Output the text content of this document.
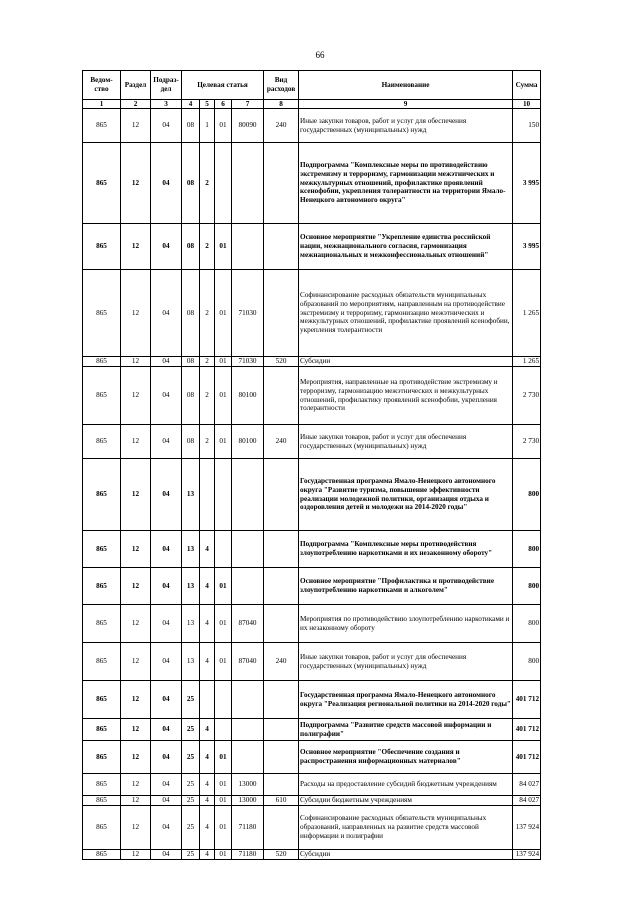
66
Ведом-ство	Раздел	Подраз-дел	Целевая статья				Вид расходов	Наименование	Сумма
1	2	3	4	5	6	7	8	9	10
865	12	04	08	1	01	80090	240	Иные закупки товаров, работ и услуг для обеспечения государственных (муниципальных) нужд	150
865	12	04	08	2				Подпрограмма "Комплексные меры по противодействию экстремизму и терроризму, гармонизации межэтнических и межкультурных отношений, профилактике проявлений ксенофобии, укрепления толерантности на территории Ямало-Ненецкого автономного округа"	3 995
865	12	04	08	2	01			Основное мероприятие "Укрепление единства российской нации, межнационального согласия, гармонизация межнациональных и межконфессиональных отношений"	3 995
865	12	04	08	2	01	71030		Софинансирование расходных обязательств муниципальных образований по мероприятиям, направленным на противодействие экстремизму и терроризму, гармонизацию межэтнических и межкультурных отношений, профилактике проявлений ксенофобии, укрепления толерантности	1 265
865	12	04	08	2	01	71030	520	Субсидии	1 265
865	12	04	08	2	01	80100		Мероприятия, направленные на противодействие экстремизму и терроризму, гармонизацию межэтнических и межкультурных отношений, профилактику проявлений ксенофобии, укрепления толерантности	2 730
865	12	04	08	2	01	80100	240	Иные закупки товаров, работ и услуг для обеспечения государственных (муниципальных) нужд	2 730
865	12	04	13					Государственная программа Ямало-Ненецкого автономного округа "Развитие туризма, повышение эффективности реализации молодежной политики, организация отдыха и оздоровления детей и молодежи на 2014-2020 годы"	800
865	12	04	13	4				Подпрограмма "Комплексные меры противодействия злоупотреблению наркотиками и их незаконному обороту"	800
865	12	04	13	4	01			Основное мероприятие "Профилактика и противодействие злоупотреблению наркотиками и алкоголем"	800
865	12	04	13	4	01	87040		Мероприятия по противодействию злоупотреблению наркотиками и их незаконному обороту	800
865	12	04	13	4	01	87040	240	Иные закупки товаров, работ и услуг для обеспечения государственных (муниципальных) нужд	800
865	12	04	25					Государственная программа Ямало-Ненецкого автономного округа "Реализация региональной политики на 2014-2020 годы"	401 712
865	12	04	25	4				Подпрограмма "Развитие средств массовой информации и полиграфии"	401 712
865	12	04	25	4	01			Основное мероприятие "Обеспечение создания и распространения информационных материалов"	401 712
865	12	04	25	4	01	13000		Расходы на предоставление субсидий бюджетным учреждениям	84 027
865	12	04	25	4	01	13000	610	Субсидии бюджетным учреждениям	84 027
865	12	04	25	4	01	71180		Софинансирование расходных обязательств муниципальных образований, направленных на развитие средств массовой информации и полиграфии	137 924
865	12	04	25	4	01	71180	520	Субсидии	137 924
